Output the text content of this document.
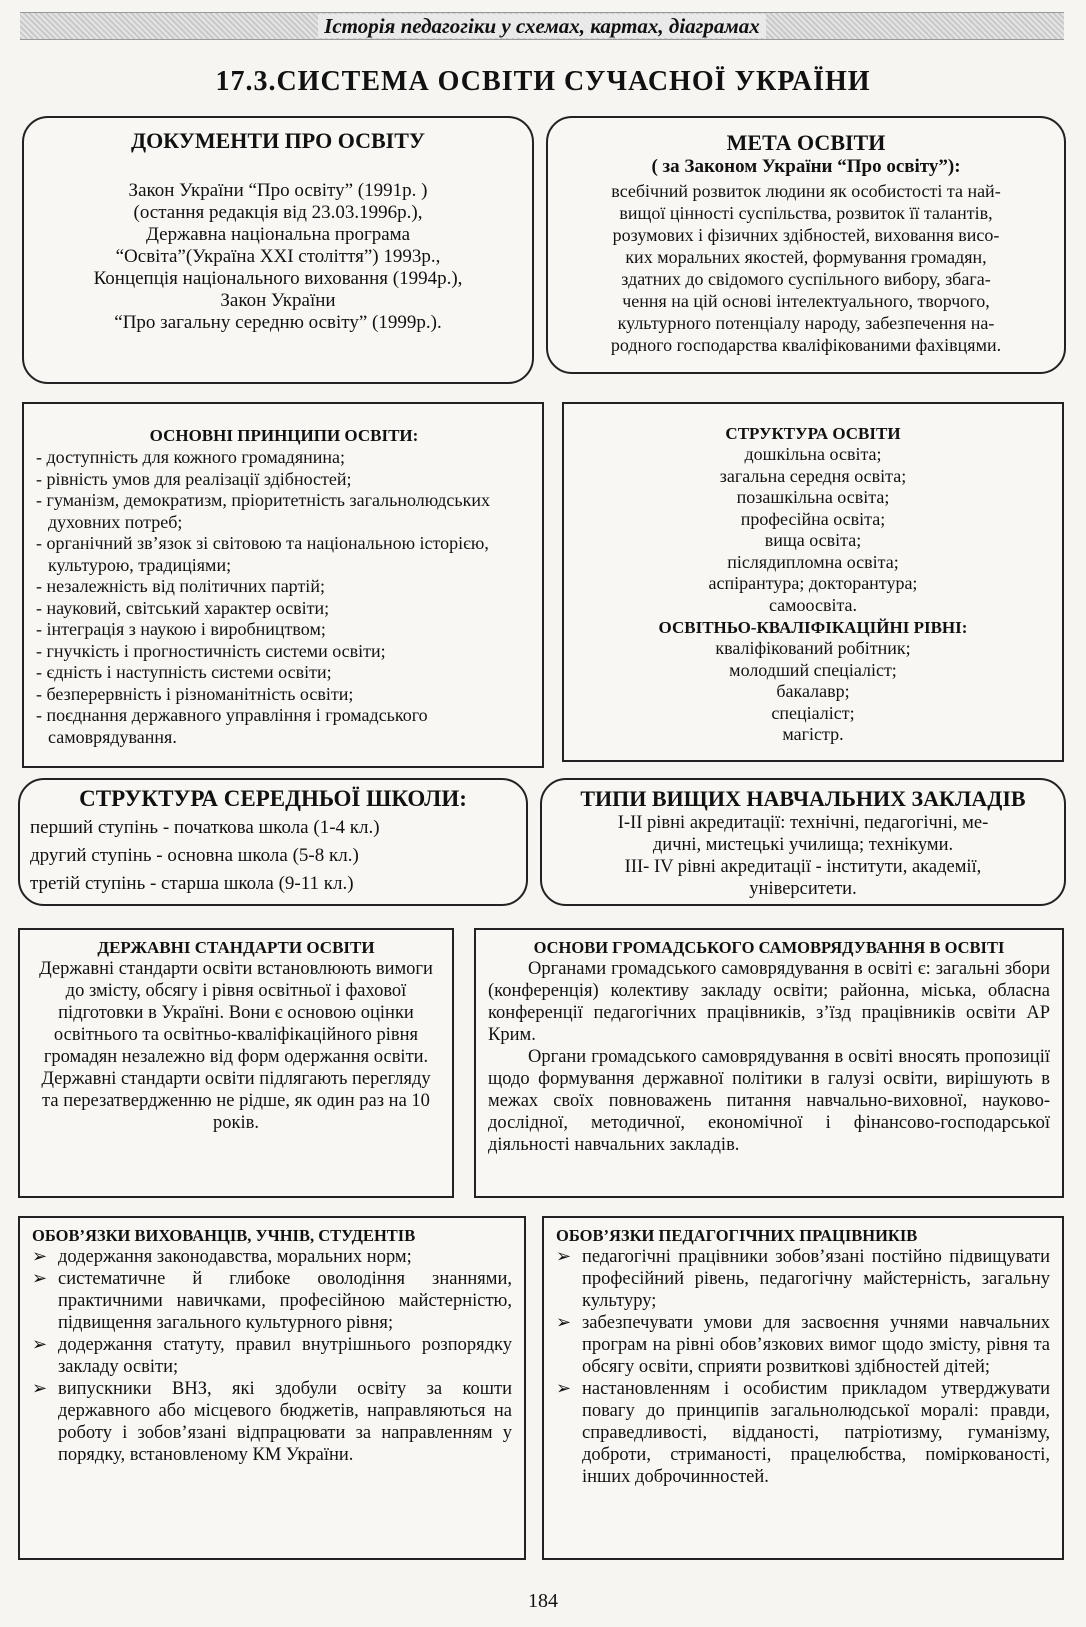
Історія педагогіки у схемах, картах, діаграмах
17.3.СИСТЕМА ОСВІТИ СУЧАСНОЇ УКРАЇНИ
ДОКУМЕНТИ ПРО ОСВІТУ
Закон України “Про освіту” (1991р. )
(остання редакція від 23.03.1996р.),
Державна національна програма
“Освіта”(Україна XXI століття”) 1993р.,
Концепція національного виховання (1994р.),
Закон України
“Про загальну середню освіту” (1999р.).
МЕТА ОСВІТИ
( за Законом України “Про освіту”):
всебічний розвиток людини як особистості та най-
вищої цінності суспільства, розвиток її талантів,
розумових і фізичних здібностей, виховання висо-
ких моральних якостей, формування громадян,
здатних до свідомого суспільного вибору, збага-
чення на цій основі інтелектуального, творчого,
культурного потенціалу народу, забезпечення на-
родного господарства кваліфікованими фахівцями.
ОСНОВНІ ПРИНЦИПИ ОСВІТИ:
- доступність для кожного громадянина;
- рівність умов для реалізації здібностей;
- гуманізм, демократизм, пріоритетність загальнолюдських духовних потреб;
- органічний зв’язок зі світовою та національною історією, культурою, традиціями;
- незалежність від політичних партій;
- науковий, світський характер освіти;
- інтеграція з наукою і виробництвом;
- гнучкість і прогностичність системи освіти;
- єдність і наступність системи освіти;
- безперервність і різноманітність освіти;
- поєднання державного управління і громадського самоврядування.
СТРУКТУРА ОСВІТИ
дошкільна освіта;
загальна середня освіта;
позашкільна освіта;
професійна освіта;
вища освіта;
післядипломна освіта;
аспірантура; докторантура;
самоосвіта.
ОСВІТНЬО-КВАЛІФІКАЦІЙНІ РІВНІ:
кваліфікований робітник;
молодший спеціаліст;
бакалавр;
спеціаліст;
магістр.
СТРУКТУРА СЕРЕДНЬОЇ ШКОЛИ:
перший ступінь - початкова школа (1-4 кл.)
другий ступінь - основна школа (5-8 кл.)
третій ступінь - старша школа (9-11 кл.)
ТИПИ ВИЩИХ НАВЧАЛЬНИХ ЗАКЛАДІВ
I-II рівні акредитації: технічні, педагогічні, ме-
дичні, мистецькі училища; технікуми.
III- IV рівні акредитації - інститути, академії,
університети.
ДЕРЖАВНІ СТАНДАРТИ ОСВІТИ
Державні стандарти освіти встановлюють вимоги до змісту, обсягу і рівня освітньої і фахової підготовки в Україні. Вони є основою оцінки освітнього та освітньо-кваліфікаційного рівня громадян незалежно від форм одержання освіти.
Державні стандарти освіти підлягають перегляду та перезатвердженню не рідше, як один раз на 10 років.
ОСНОВИ ГРОМАДСЬКОГО САМОВРЯДУВАННЯ В ОСВІТІ
Органами громадського самоврядування в освіті є: загальні збори (конференція) колективу закладу освіти; районна, міська, обласна конференції педагогічних працівників, з’їзд працівників освіти АР Крим.
Органи громадського самоврядування в освіті вносять пропозиції щодо формування державної політики в галузі освіти, вирішують в межах своїх повноважень питання навчально-виховної, науково-дослідної, методичної, економічної і фінансово-господарської діяльності навчальних закладів.
ОБОВ’ЯЗКИ ВИХОВАНЦІВ, УЧНІВ, СТУДЕНТІВ
➢ додержання законодавства, моральних норм;
➢ систематичне й глибоке оволодіння знаннями, практичними навичками, професійною майстерністю, підвищення загального культурного рівня;
➢ додержання статуту, правил внутрішнього розпорядку закладу освіти;
➢ випускники ВНЗ, які здобули освіту за кошти державного або місцевого бюджетів, направляються на роботу і зобов’язані відпрацювати за направленням у порядку, встановленому КМ України.
ОБОВ’ЯЗКИ ПЕДАГОГІЧНИХ ПРАЦІВНИКІВ
➢ педагогічні працівники зобов’язані постійно підвищувати професійний рівень, педагогічну майстерність, загальну культуру;
➢ забезпечувати умови для засвоєння учнями навчальних програм на рівні обов’язкових вимог щодо змісту, рівня та обсягу освіти, сприяти розвиткові здібностей дітей;
➢ настановленням і особистим прикладом утверджувати повагу до принципів загальнолюдської моралі: правди, справедливості, відданості, патріотизму, гуманізму, доброти, стриманості, працелюбства, поміркованості, інших доброчинностей.
184
